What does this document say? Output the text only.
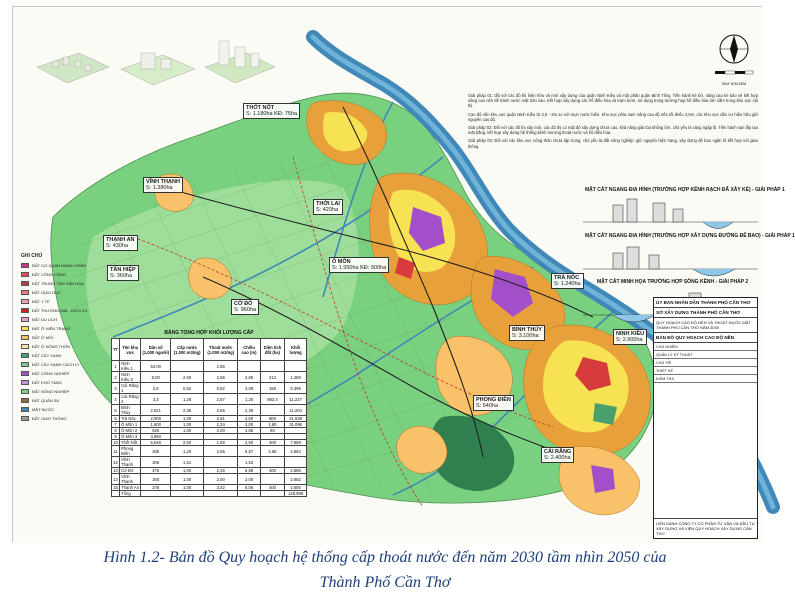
0KM 1KM 2KM
THỐT NỐT
S: 1.180ha KĐ: 75ha
VĨNH THẠNH
S: 1.380ha
THẠNH AN
S: 430ha
Ô MÔN
S: 1.950ha KĐ: 900ha
CỜ ĐỎ
S: 960ha
THỚI LAI
S: 420ha
BÌNH THỦY
S: 3.100ha	NINH KIỀU
S: 2.900ha
CÁI RĂNG
S: 2.400ha
PHONG ĐIỀN
S: 540ha
TÂN HIỆP
S: 360ha	TRÀ NÓC
S: 1.240ha
GHI CHÚ
ĐẤT CƠ QUAN HÀNH CHÍNH
ĐẤT CÔNG CỘNG
ĐẤT TRUNG TÂM VĂN HÓA
ĐẤT GIÁO DỤC
ĐẤT Y TẾ
ĐẤT THƯƠNG MẠI - DỊCH VỤ
ĐẤT DU LỊCH
ĐẤT Ở HIỆN TRẠNG
ĐẤT Ở MỚI
ĐẤT Ở NÔNG THÔN
ĐẤT CÂY XANH
ĐẤT CÂY XANH CÁCH LY
ĐẤT CÔNG NGHIỆP
ĐẤT KHO TÀNG
ĐẤT NÔNG NGHIỆP
ĐẤT QUÂN SỰ
MẶT NƯỚC
ĐẤT GIAO THÔNG
BẢNG TỔNG HỢP KHỐI LƯỢNG CẤP
TT	Tên khu vực	Dân số (1.000 người)	Cấp nước (1.000 m3/ng)	Thoát nước (1.000 m3/ng)	Chiều cao (m)	Diện tích đất (ha)	Khối lượng
1	Ninh Kiều 1	54,00		2,65			
2	Ninh Kiều 2	8,00	2,60	2,66	2,65	213	1.288
3	Cái Răng 1	2,6	0,82	0,82	3,09	155	8.499
4	Cái Răng 2	3,3	1,28	2,57	1,25	893,4	11.227
5	Bình Thủy	2,621	2,35	2,65	2,35		11.204
6	Trà Nóc	2,000	1,00	2,61	2,00	800	21.638
7	Ô Môn 1	1,800	1,00	2,34	2,00	1,80	31.096
8	Ô Môn 2	625	1,00	2,00	1,85	60	
9	Ô Môn 3	4,860					
10	Thốt Nốt	5,548	2,50	1,58	2,50	400	7.658
11	Phong Điền	305	1,20	2,55	6,57	2,58	4.664
12	Vĩnh Thạnh	306	1,51		1,53		
13	Cờ Đỏ	475	1,00	2,15	6,58	400	2.686
14	Vĩnh Thạnh	300	1,00	2,00	2,00		2.682
15	Thạnh An	276	1,00	3,42	6,06	400	2.655
	Tổng						126.998

Giải pháp 01: đối với các đô thị hiện hữu và mới xây dựng của quận Ninh Kiều và một phần quận Bình Thủy. Tiến hành kè bờ, nâng cao kè bảo vệ kết hợp nâng cao nền để tránh nước mặt tràn vào. Kết hợp xây dựng các hồ điều hòa và trạm bơm, sử dụng trong trường hợp hồ điều hòa lớn nằm trong khu vực nội thị.

Cao độ nền khu vực quận Ninh Kiều từ 2,5 - 3m so với mực nước biển. Khu vực phía nam nâng cao độ nền tối thiểu 2,5m, các khu vực dân cư hiện hữu giữ nguyên cao độ.

Giải pháp 02: Đối với các đô thị xây mới, các đô thị có mật độ xây dựng chưa cao, khả năng giải tỏa không lớn, chủ yếu là vùng ngập lũ. Tiến hành san lấp tạo mặt bằng, kết hợp xây dựng hệ thống kênh mương thoát nước và hồ điều hòa.

Giải pháp 03: Đối với các khu vực nông thôn chưa tập trung, chủ yếu là đất nông nghiệp: giữ nguyên hiện trạng, xây dựng đê bao ngăn lũ kết hợp với giao thông.

MẶT CẮT NGANG ĐIA HÌNH (TRƯỜNG HỢP KÊNH RẠCH ĐÃ XÂY KÈ) - GIẢI PHÁP 1
MẶT CẮT NGANG ĐIA HÌNH (TRƯỜNG HỢP XÂY DỰNG ĐƯỜNG ĐÊ BAO) - GIẢI PHÁP 1
MẶT CẮT MINH HỌA TRƯỜNG HỢP SÔNG KÊNH - GIẢI PHÁP 2
ỦY BAN NHÂN DÂN THÀNH PHỐ CẦN THƠ
SỞ XÂY DỰNG THÀNH PHỐ CẦN THƠ
QUY HOẠCH CAO ĐỘ NỀN VÀ THOÁT NƯỚC MẶT THÀNH PHỐ CẦN THƠ NĂM 2030
BẢN ĐỒ QUY HOẠCH CAO ĐỘ NỀN
CHỦ NHIỆM
QUẢN LÝ KỸ THUẬT
CHỦ TRÌ
THIẾT KẾ
KIỂM TRA
LIÊN DANH CÔNG TY CỔ PHẦN TƯ VẤN VÀ ĐẦU TƯ XÂY DỰNG VÀ VIỆN QUY HOẠCH XÂY DỰNG CẦN THƠ
Hình 1.2- Bản đồ Quy hoạch hệ thống cấp thoát nước đến năm 2030 tầm nhìn 2050 của
Thành Phố Cần Thơ
